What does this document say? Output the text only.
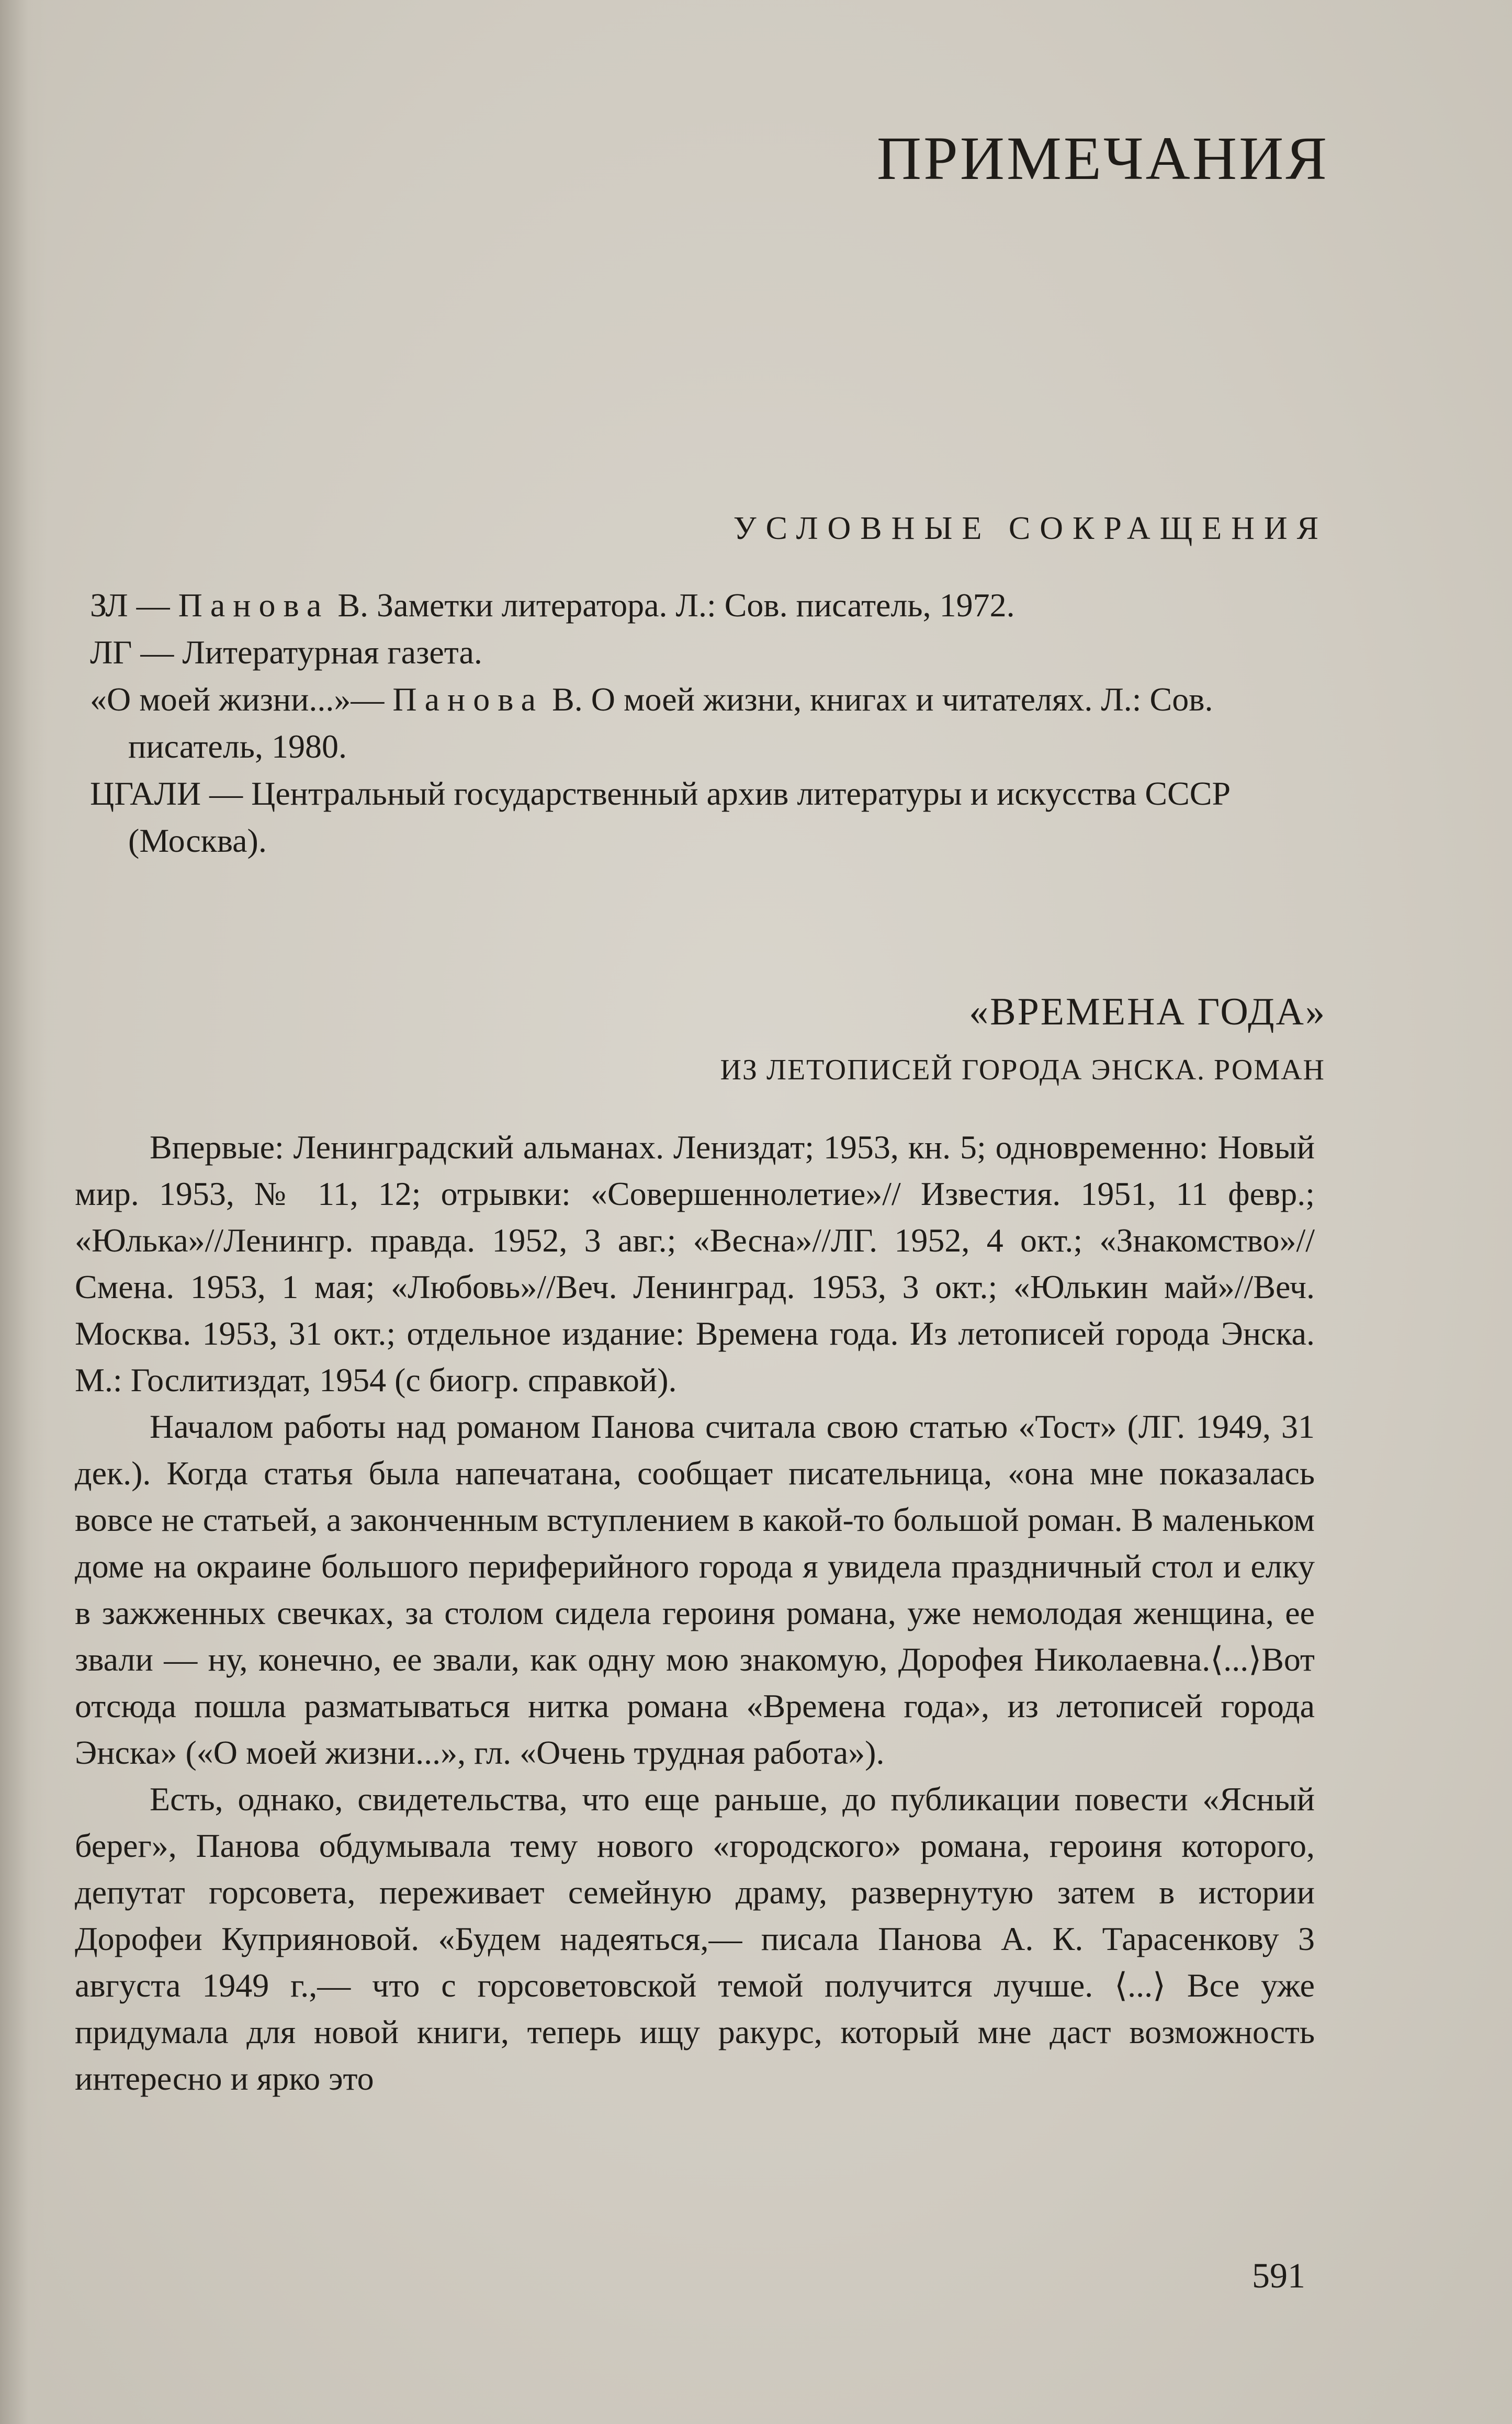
ПРИМЕЧАНИЯ
УСЛОВНЫЕ СОКРАЩЕНИЯ

ЗЛ — Панова В. Заметки литератора. Л.: Сов. писатель, 1972.

ЛГ — Литературная газета.

«О моей жизни...»— Панова В. О моей жизни, книгах и читателях. Л.: Сов. писатель, 1980.

ЦГАЛИ — Центральный государственный архив литературы и искусства СССР (Москва).

«ВРЕМЕНА ГОДА»
ИЗ ЛЕТОПИСЕЙ ГОРОДА ЭНСКА. РОМАН

Впервые: Ленинградский альманах. Лениздат; 1953, кн. 5; одновременно: Новый мир. 1953, № 11, 12; отрывки: «Совершеннолетие»// Известия. 1951, 11 февр.; «Юлька»//Ленингр. правда. 1952, 3 авг.; «Весна»//ЛГ. 1952, 4 окт.; «Знакомство»//Смена. 1953, 1 мая; «Любовь»//Веч. Ленинград. 1953, 3 окт.; «Юлькин май»//Веч. Москва. 1953, 31 окт.; отдельное издание: Времена года. Из летописей города Энска. М.: Гослитиздат, 1954 (с биогр. справкой).

Началом работы над романом Панова считала свою статью «Тост» (ЛГ. 1949, 31 дек.). Когда статья была напечатана, сообщает писательница, «она мне показалась вовсе не статьей, а законченным вступлением в какой-то большой роман. В маленьком доме на окраине большого периферийного города я увидела праздничный стол и елку в зажженных свечках, за столом сидела героиня романа, уже немолодая женщина, ее звали — ну, конечно, ее звали, как одну мою знакомую, Дорофея Николаевна.⟨...⟩Вот отсюда пошла разматываться нитка романа «Времена года», из летописей города Энска» («О моей жизни...», гл. «Очень трудная работа»).

Есть, однако, свидетельства, что еще раньше, до публикации повести «Ясный берег», Панова обдумывала тему нового «городского» романа, героиня которого, депутат горсовета, переживает семейную драму, развернутую затем в истории Дорофеи Куприяновой. «Будем надеяться,— писала Панова А. К. Тарасенкову 3 августа 1949 г.,— что с горсоветовской темой получится лучше. ⟨...⟩ Все уже придумала для новой книги, теперь ищу ракурс, который мне даст возможность интересно и ярко это

591
